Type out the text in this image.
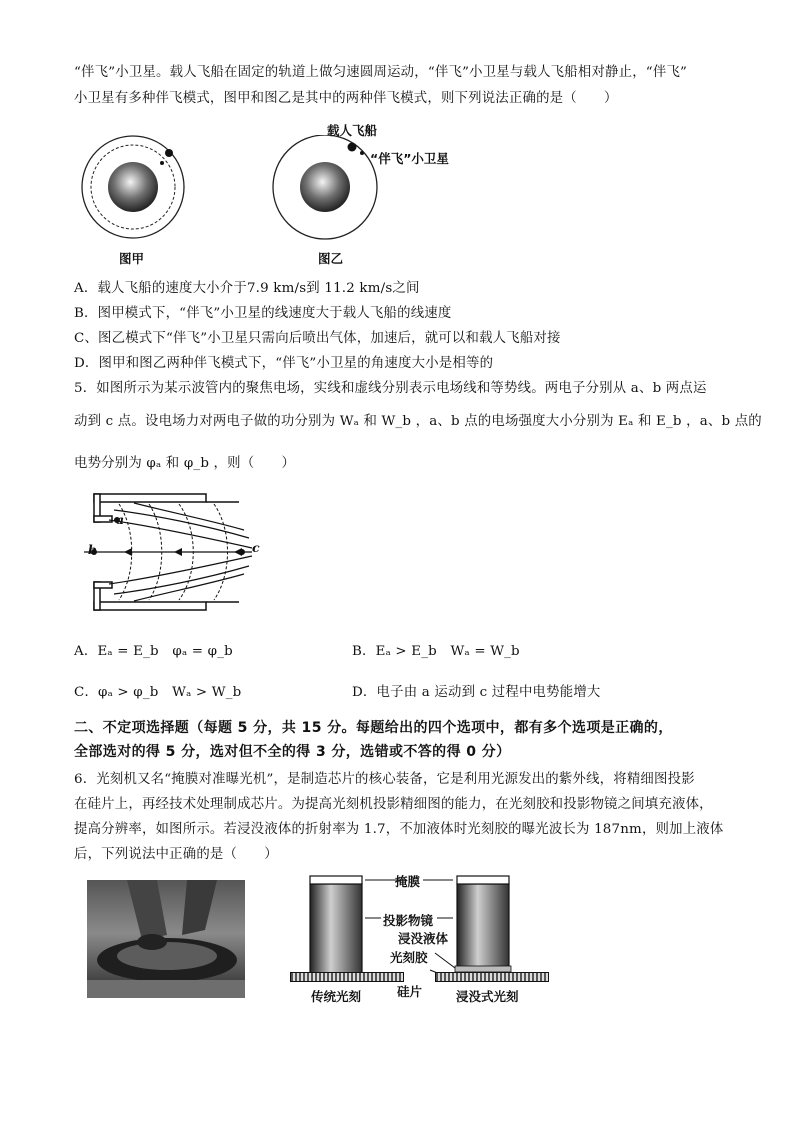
“伴飞”小卫星。载人飞船在固定的轨道上做匀速圆周运动，“伴飞”小卫星与载人飞船相对静止，“伴飞”
小卫星有多种伴飞模式，图甲和图乙是其中的两种伴飞模式，则下列说法正确的是（　　）
图甲
载人飞船
“伴飞”小卫星
图乙
A．载人飞船的速度大小介于7.9 km/s到 11.2 km/s之间
B．图甲模式下，“伴飞”小卫星的线速度大于载人飞船的线速度
C、图乙模式下“伴飞”小卫星只需向后喷出气体，加速后，就可以和载人飞船对接
D．图甲和图乙两种伴飞模式下，“伴飞”小卫星的角速度大小是相等的
5．如图所示为某示波管内的聚焦电场，实线和虚线分别表示电场线和等势线。两电子分别从 a、b 两点运
动到 c 点。设电场力对两电子做的功分别为 Wₐ 和 W_b ，a、b 点的电场强度大小分别为 Eₐ 和 E_b ，a、b 点的
电势分别为 φₐ 和 φ_b ，则（　　）
a
b	c
A．Eₐ = E_b　φₐ = φ_b	B．Eₐ > E_b　Wₐ = W_b
C．φₐ > φ_b　Wₐ > W_b	D．电子由 a 运动到 c 过程中电势能增大
二、不定项选择题（每题 5 分，共 15 分。每题给出的四个选项中，都有多个选项是正确的，
全部选对的得 5 分，选对但不全的得 3 分，选错或不答的得 0 分）
6．光刻机又名“掩膜对准曝光机”，是制造芯片的核心装备，它是利用光源发出的紫外线，将精细图投影
在硅片上，再经技术处理制成芯片。为提高光刻机投影精细图的能力，在光刻胶和投影物镜之间填充液体，
提高分辨率，如图所示。若浸没液体的折射率为 1.7，不加液体时光刻胶的曝光波长为 187nm，则加上液体
后，下列说法中正确的是（　　）
掩膜
投影物镜
浸没液体
光刻胶
硅片
传统光刻	浸没式光刻
